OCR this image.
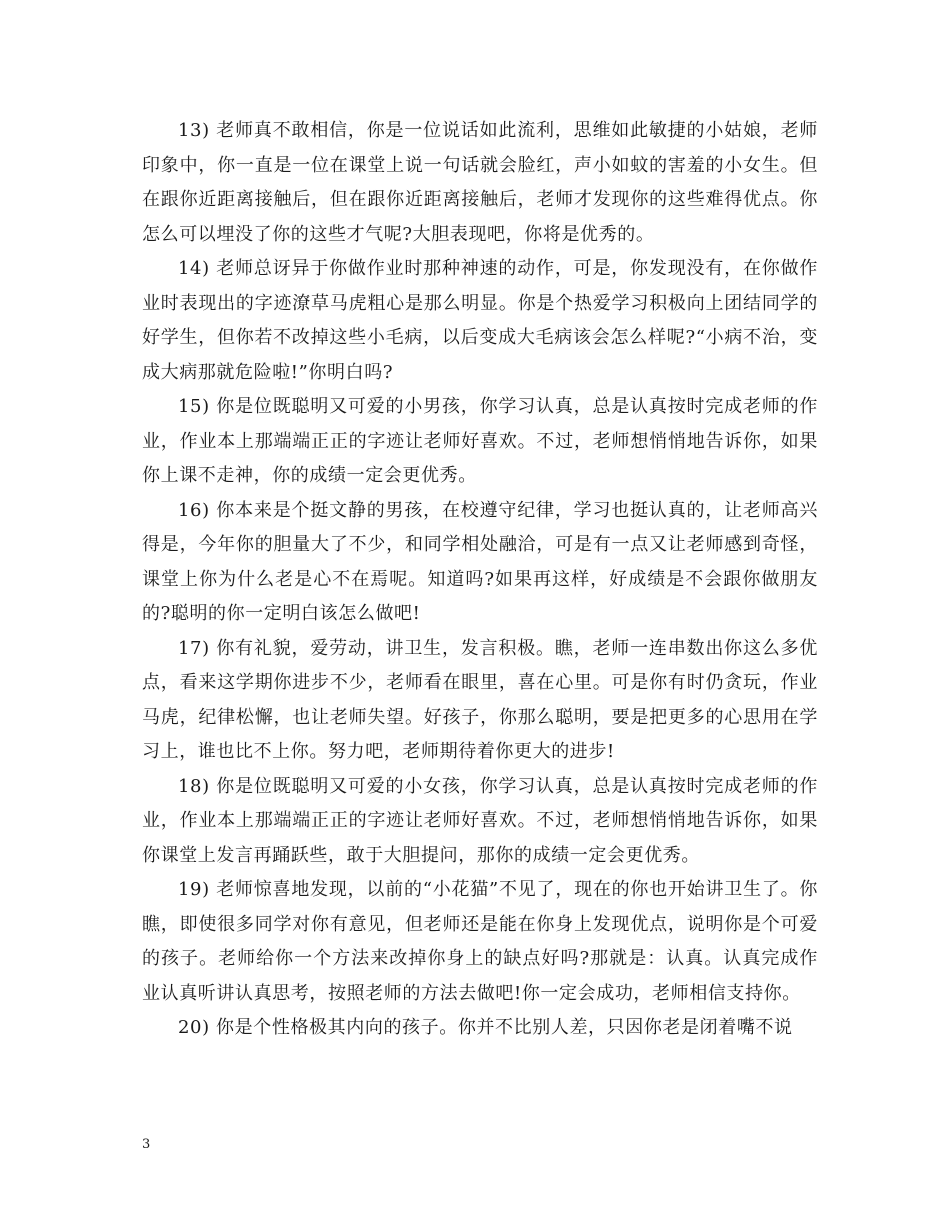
13) 老师真不敢相信，你是一位说话如此流利，思维如此敏捷的小姑娘，老师印象中，你一直是一位在课堂上说一句话就会脸红，声小如蚊的害羞的小女生。但在跟你近距离接触后，但在跟你近距离接触后，老师才发现你的这些难得优点。你怎么可以埋没了你的这些才气呢?大胆表现吧，你将是优秀的。

14) 老师总讶异于你做作业时那种神速的动作，可是，你发现没有，在你做作业时表现出的字迹潦草马虎粗心是那么明显。你是个热爱学习积极向上团结同学的好学生，但你若不改掉这些小毛病，以后变成大毛病该会怎么样呢?“小病不治，变成大病那就危险啦!”你明白吗?

15) 你是位既聪明又可爱的小男孩，你学习认真，总是认真按时完成老师的作业，作业本上那端端正正的字迹让老师好喜欢。不过，老师想悄悄地告诉你，如果你上课不走神，你的成绩一定会更优秀。

16) 你本来是个挺文静的男孩，在校遵守纪律，学习也挺认真的，让老师高兴得是，今年你的胆量大了不少，和同学相处融洽，可是有一点又让老师感到奇怪，课堂上你为什么老是心不在焉呢。知道吗?如果再这样，好成绩是不会跟你做朋友的?聪明的你一定明白该怎么做吧!

17) 你有礼貌，爱劳动，讲卫生，发言积极。瞧，老师一连串数出你这么多优点，看来这学期你进步不少，老师看在眼里，喜在心里。可是你有时仍贪玩，作业马虎，纪律松懈，也让老师失望。好孩子，你那么聪明，要是把更多的心思用在学习上，谁也比不上你。努力吧，老师期待着你更大的进步!

18) 你是位既聪明又可爱的小女孩，你学习认真，总是认真按时完成老师的作业，作业本上那端端正正的字迹让老师好喜欢。不过，老师想悄悄地告诉你，如果你课堂上发言再踊跃些，敢于大胆提问，那你的成绩一定会更优秀。

19) 老师惊喜地发现，以前的“小花猫”不见了，现在的你也开始讲卫生了。你瞧，即使很多同学对你有意见，但老师还是能在你身上发现优点，说明你是个可爱的孩子。老师给你一个方法来改掉你身上的缺点好吗?那就是：认真。认真完成作业认真听讲认真思考，按照老师的方法去做吧!你一定会成功，老师相信支持你。

20) 你是个性格极其内向的孩子。你并不比别人差，只因你老是闭着嘴不说

3
